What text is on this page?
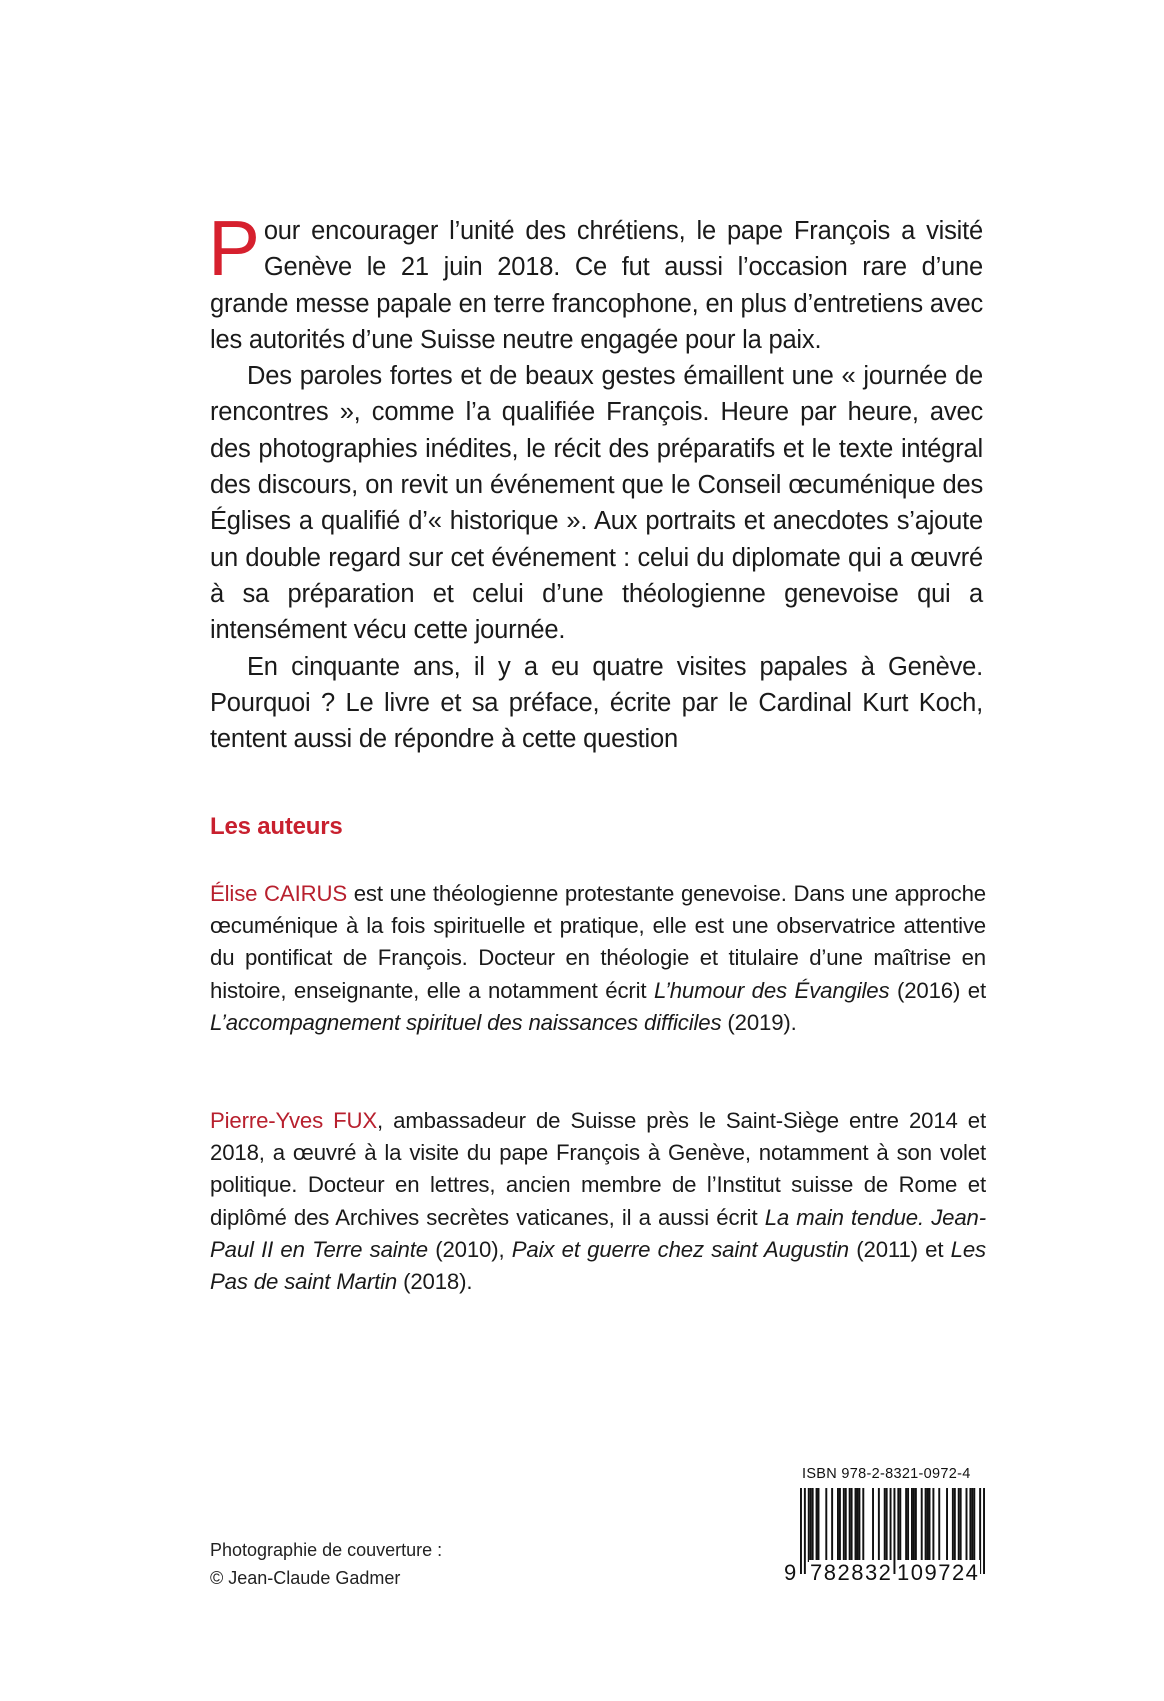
Pour encourager l’unité des chrétiens, le pape François a visité Genève le 21 juin 2018. Ce fut aussi l’occasion rare d’une grande messe papale en terre francophone, en plus d’entretiens avec les autorités d’une Suisse neutre engagée pour la paix.

Des paroles fortes et de beaux gestes émaillent une « journée de rencontres », comme l’a qualifiée François. Heure par heure, avec des photographies inédites, le récit des préparatifs et le texte intégral des discours, on revit un événement que le Conseil œcuménique des Églises a qualifié d’« historique ». Aux portraits et anecdotes s’ajoute un double regard sur cet événement : celui du diplomate qui a œuvré à sa préparation et celui d’une théologienne genevoise qui a intensément vécu cette journée.

En cinquante ans, il y a eu quatre visites papales à Genève. Pourquoi ? Le livre et sa préface, écrite par le Cardinal Kurt Koch, tentent aussi de répondre à cette question

Les auteurs

Élise CAIRUS est une théologienne protestante genevoise. Dans une approche œcuménique à la fois spirituelle et pratique, elle est une observatrice attentive du pontificat de François. Docteur en théologie et titulaire d’une maîtrise en histoire, enseignante, elle a notamment écrit L’humour des Évangiles (2016) et L’accompagnement spirituel des naissances difficiles (2019).

Pierre-Yves FUX, ambassadeur de Suisse près le Saint-Siège entre 2014 et 2018, a œuvré à la visite du pape François à Genève, notamment à son volet politique. Docteur en lettres, ancien membre de l’Institut suisse de Rome et diplômé des Archives secrètes vaticanes, il a aussi écrit La main tendue. Jean-Paul II en Terre sainte (2010), Paix et guerre chez saint Augustin (2011) et Les Pas de saint Martin (2018).

Photographie de couverture :
© Jean-Claude Gadmer
ISBN 978-2-8321-0972-4
9 782832 109724
